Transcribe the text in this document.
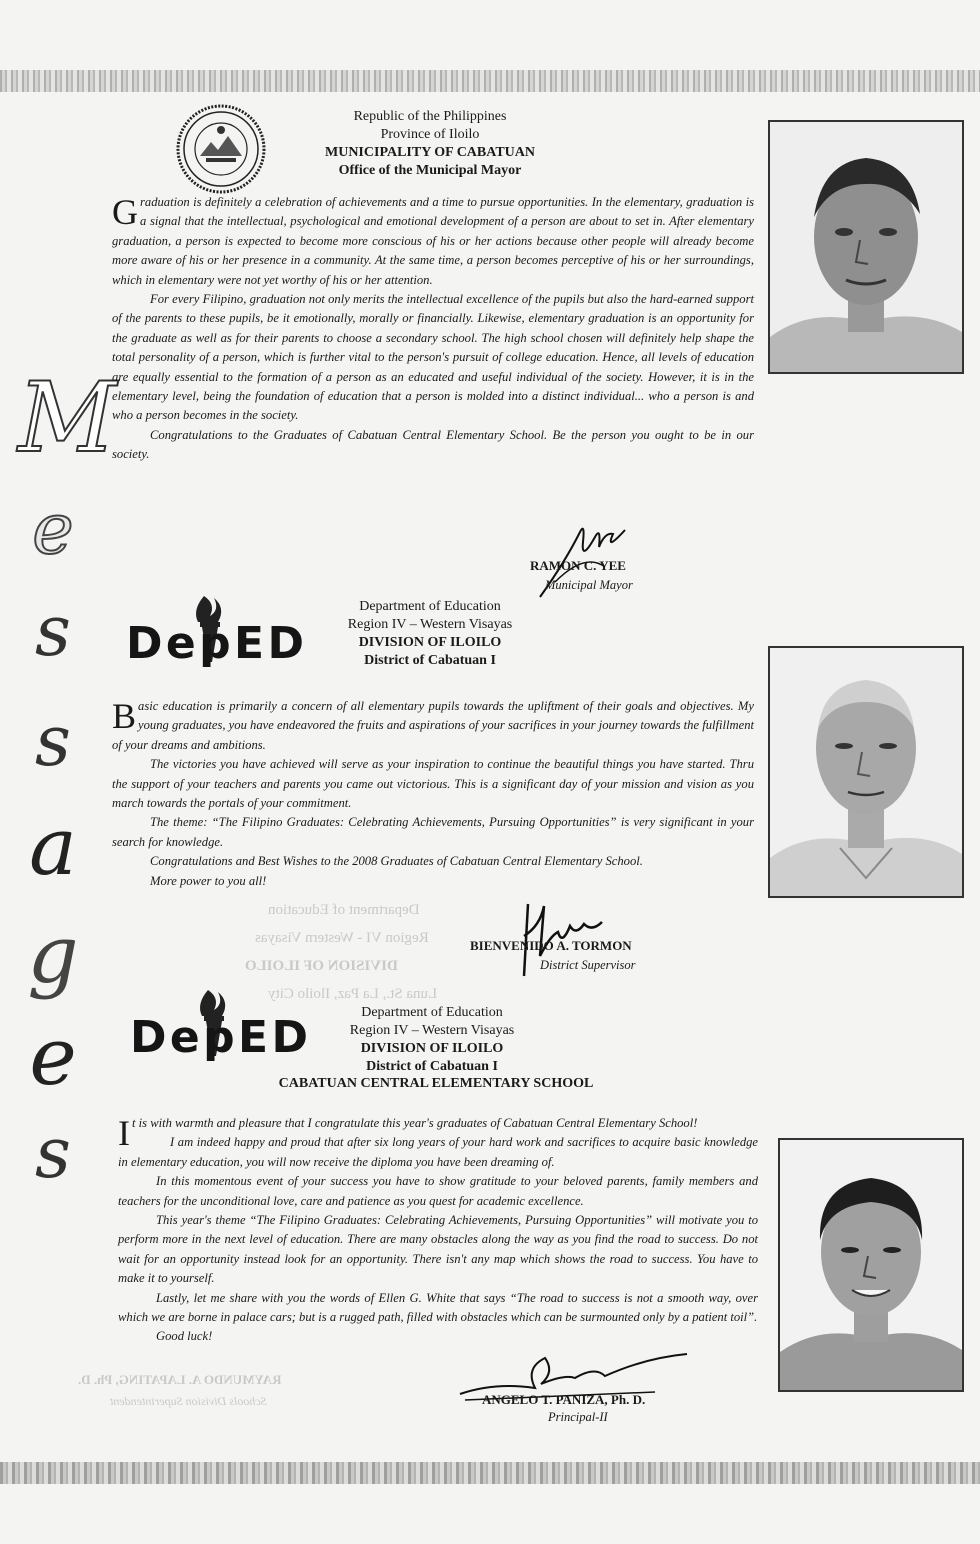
Department of Education
Region VI - Western Visayas
DIVISION OF ILOILO
Luna St., La Paz, Iloilo City
RAYMUNDO A. LAPATING, Ph. D.
Schools Division Superintendent
M
e
s
s
a
g
e
s
Republic of the Philippines
Province of Iloilo
MUNICIPALITY OF CABATUAN
Office of the Municipal Mayor

Graduation is definitely a celebration of achievements and a time to pursue opportunities. In the elementary, graduation is a signal that the intellectual, psychological and emotional development of a person are about to set in. After elementary graduation, a person is expected to become more conscious of his or her actions because other people will already become more aware of his or her presence in a community. At the same time, a person becomes perceptive of his or her surroundings, which in elementary were not yet worthy of his or her attention.

For every Filipino, graduation not only merits the intellectual excellence of the pupils but also the hard-earned support of the parents to these pupils, be it emotionally, morally or financially. Likewise, elementary graduation is an opportunity for the graduate as well as for their parents to choose a secondary school. The high school chosen will definitely help shape the total personality of a person, which is further vital to the person's pursuit of college education. Hence, all levels of education are equally essential to the formation of a person as an educated and useful individual of the society. However, it is in the elementary level, being the foundation of education that a person is molded into a distinct individual... who a person is and who a person becomes in the society.

Congratulations to the Graduates of Cabatuan Central Elementary School. Be the person you ought to be in our society.

RAMON C. YEE
Municipal Mayor
DepED
Department of Education
Region IV – Western Visayas
DIVISION OF ILOILO
District of Cabatuan I

Basic education is primarily a concern of all elementary pupils towards the upliftment of their goals and objectives. My young graduates, you have endeavored the fruits and aspirations of your sacrifices in your journey towards the fulfillment of your dreams and ambitions.

The victories you have achieved will serve as your inspiration to continue the beautiful things you have started. Thru the support of your teachers and parents you came out victorious. This is a significant day of your mission and vision as you march towards the portals of your commitment.

The theme: “The Filipino Graduates: Celebrating Achievements, Pursuing Opportunities” is very significant in your search for knowledge.

Congratulations and Best Wishes to the 2008 Graduates of Cabatuan Central Elementary School.

More power to you all!

BIENVENIDO A. TORMON
District Supervisor
DepED	Department of Education
Region IV – Western Visayas
DIVISION OF ILOILO
District of Cabatuan I
CABATUAN CENTRAL ELEMENTARY SCHOOL

It is with warmth and pleasure that I congratulate this year's graduates of Cabatuan Central Elementary School!

I am indeed happy and proud that after six long years of your hard work and sacrifices to acquire basic knowledge in elementary education, you will now receive the diploma you have been dreaming of.

In this momentous event of your success you have to show gratitude to your beloved parents, family members and teachers for the unconditional love, care and patience as you quest for academic excellence.

This year's theme “The Filipino Graduates: Celebrating Achievements, Pursuing Opportunities” will motivate you to perform more in the next level of education. There are many obstacles along the way as you find the road to success. Do not wait for an opportunity instead look for an opportunity. There isn't any map which shows the road to success. You have to make it to yourself.

Lastly, let me share with you the words of Ellen G. White that says “The road to success is not a smooth way, over which we are borne in palace cars; but is a rugged path, filled with obstacles which can be surmounted only by a patient toil”.

Good luck!

ANGELO T. PANIZA, Ph. D.
Principal-II
